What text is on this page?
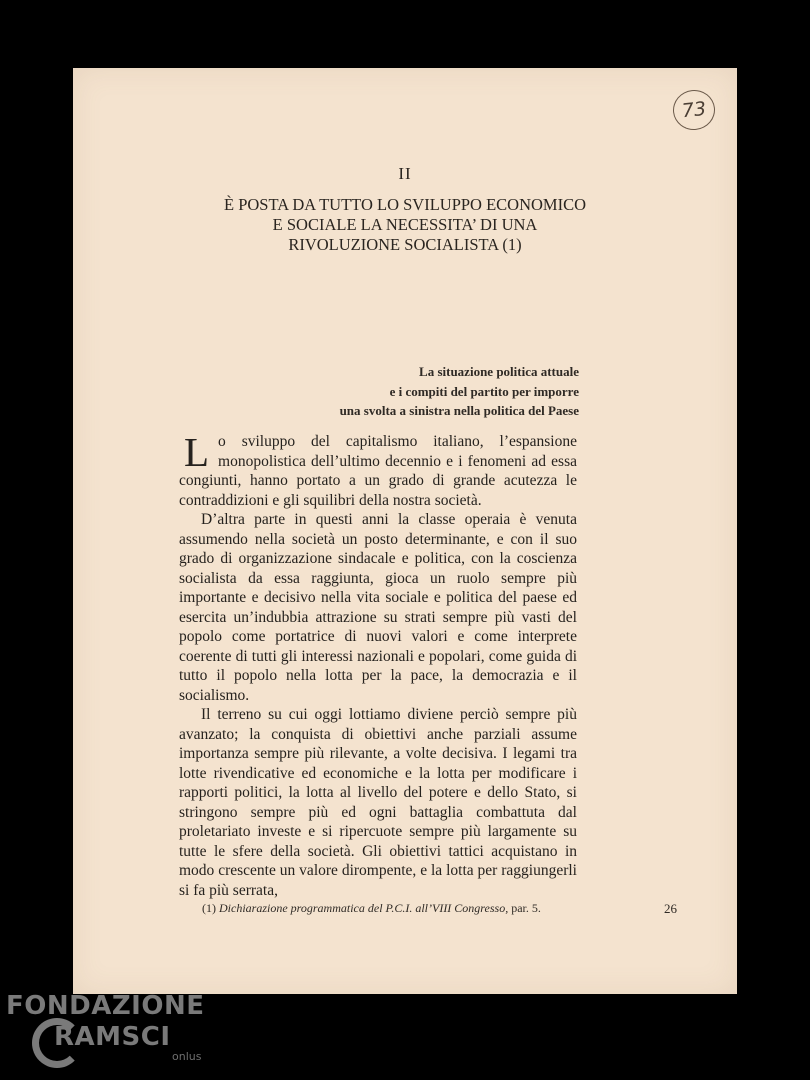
73
II
È POSTA DA TUTTO LO SVILUPPO ECONOMICO
E SOCIALE LA NECESSITA’ DI UNA
RIVOLUZIONE SOCIALISTA (1)
La situazione politica attuale
e i compiti del partito per imporre
una svolta a sinistra nella politica del Paese

Lo sviluppo del capitalismo italiano, l’espansione monopolistica dell’ultimo decennio e i fenomeni ad essa congiunti, hanno portato a un grado di grande acutezza le contraddizioni e gli squilibri della nostra società.

D’altra parte in questi anni la classe operaia è venuta assumendo nella società un posto determinante, e con il suo grado di organizzazione sindacale e politica, con la coscienza socialista da essa raggiunta, gioca un ruolo sempre più importante e decisivo nella vita sociale e politica del paese ed esercita un’indubbia attrazione su strati sempre più vasti del popolo come portatrice di nuovi valori e come interprete coerente di tutti gli interessi nazionali e popolari, come guida di tutto il popolo nella lotta per la pace, la democrazia e il socialismo.

Il terreno su cui oggi lottiamo diviene perciò sempre più avanzato; la conquista di obiettivi anche parziali assume importanza sempre più rilevante, a volte decisiva. I legami tra lotte rivendicative ed economiche e la lotta per modificare i rapporti politici, la lotta al livello del potere e dello Stato, si stringono sempre più ed ogni battaglia combattuta dal proletariato investe e si ripercuote sempre più largamente su tutte le sfere della società. Gli obiettivi tattici acquistano in modo crescente un valore dirompente, e la lotta per raggiungerli si fa più serrata,

(1) Dichiarazione programmatica del P.C.I. all’VIII Congresso, par. 5.	26
FONDAZIONE
RAMSCI
onlus
